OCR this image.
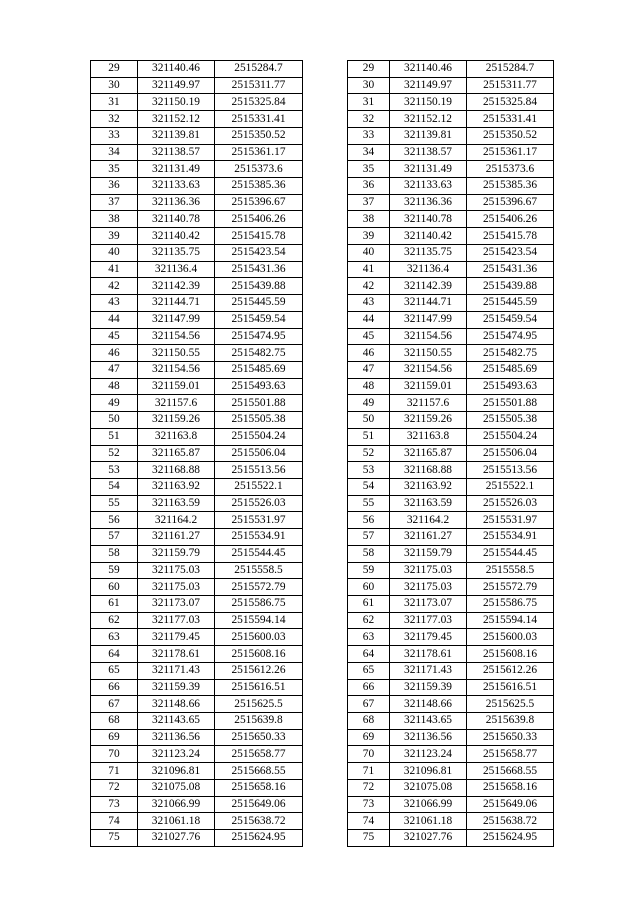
29	321140.46	2515284.7
30	321149.97	2515311.77
31	321150.19	2515325.84
32	321152.12	2515331.41
33	321139.81	2515350.52
34	321138.57	2515361.17
35	321131.49	2515373.6
36	321133.63	2515385.36
37	321136.36	2515396.67
38	321140.78	2515406.26
39	321140.42	2515415.78
40	321135.75	2515423.54
41	321136.4	2515431.36
42	321142.39	2515439.88
43	321144.71	2515445.59
44	321147.99	2515459.54
45	321154.56	2515474.95
46	321150.55	2515482.75
47	321154.56	2515485.69
48	321159.01	2515493.63
49	321157.6	2515501.88
50	321159.26	2515505.38
51	321163.8	2515504.24
52	321165.87	2515506.04
53	321168.88	2515513.56
54	321163.92	2515522.1
55	321163.59	2515526.03
56	321164.2	2515531.97
57	321161.27	2515534.91
58	321159.79	2515544.45
59	321175.03	2515558.5
60	321175.03	2515572.79
61	321173.07	2515586.75
62	321177.03	2515594.14
63	321179.45	2515600.03
64	321178.61	2515608.16
65	321171.43	2515612.26
66	321159.39	2515616.51
67	321148.66	2515625.5
68	321143.65	2515639.8
69	321136.56	2515650.33
70	321123.24	2515658.77
71	321096.81	2515668.55
72	321075.08	2515658.16
73	321066.99	2515649.06
74	321061.18	2515638.72
75	321027.76	2515624.95
29	321140.46	2515284.7
30	321149.97	2515311.77
31	321150.19	2515325.84
32	321152.12	2515331.41
33	321139.81	2515350.52
34	321138.57	2515361.17
35	321131.49	2515373.6
36	321133.63	2515385.36
37	321136.36	2515396.67
38	321140.78	2515406.26
39	321140.42	2515415.78
40	321135.75	2515423.54
41	321136.4	2515431.36
42	321142.39	2515439.88
43	321144.71	2515445.59
44	321147.99	2515459.54
45	321154.56	2515474.95
46	321150.55	2515482.75
47	321154.56	2515485.69
48	321159.01	2515493.63
49	321157.6	2515501.88
50	321159.26	2515505.38
51	321163.8	2515504.24
52	321165.87	2515506.04
53	321168.88	2515513.56
54	321163.92	2515522.1
55	321163.59	2515526.03
56	321164.2	2515531.97
57	321161.27	2515534.91
58	321159.79	2515544.45
59	321175.03	2515558.5
60	321175.03	2515572.79
61	321173.07	2515586.75
62	321177.03	2515594.14
63	321179.45	2515600.03
64	321178.61	2515608.16
65	321171.43	2515612.26
66	321159.39	2515616.51
67	321148.66	2515625.5
68	321143.65	2515639.8
69	321136.56	2515650.33
70	321123.24	2515658.77
71	321096.81	2515668.55
72	321075.08	2515658.16
73	321066.99	2515649.06
74	321061.18	2515638.72
75	321027.76	2515624.95
